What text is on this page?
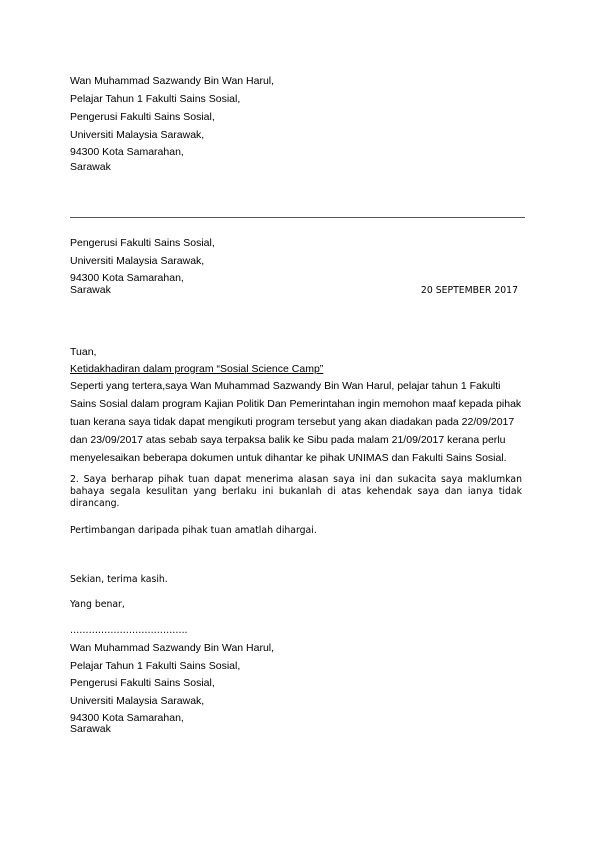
Wan Muhammad Sazwandy Bin Wan Harul,
Pelajar Tahun 1 Fakulti Sains Sosial,
Pengerusi Fakulti Sains Sosial,
Universiti Malaysia Sarawak,
94300 Kota Samarahan,
Sarawak
Pengerusi Fakulti Sains Sosial,
Universiti Malaysia Sarawak,
94300 Kota Samarahan,
Sarawak	20 SEPTEMBER 2017
Tuan,
Ketidakhadiran dalam program “Sosial Science Camp”
Seperti yang tertera,saya Wan Muhammad Sazwandy Bin Wan Harul, pelajar tahun 1 Fakulti
Sains Sosial dalam program Kajian Politik Dan Pemerintahan ingin memohon maaf kepada pihak
tuan kerana saya tidak dapat mengikuti program tersebut yang akan diadakan pada 22/09/2017
dan 23/09/2017 atas sebab saya terpaksa balik ke Sibu pada malam 21/09/2017 kerana perlu
menyelesaikan beberapa dokumen untuk dihantar ke pihak UNIMAS dan Fakulti Sains Sosial.
2. Saya berharap pihak tuan dapat menerima alasan saya ini dan sukacita saya maklumkan bahaya segala kesulitan yang berlaku ini bukanlah di atas kehendak saya dan ianya tidak dirancang.
Pertimbangan daripada pihak tuan amatlah dihargai.
Sekian, terima kasih.
Yang benar,
………………………………..
Wan Muhammad Sazwandy Bin Wan Harul,
Pelajar Tahun 1 Fakulti Sains Sosial,
Pengerusi Fakulti Sains Sosial,
Universiti Malaysia Sarawak,
94300 Kota Samarahan,
Sarawak
